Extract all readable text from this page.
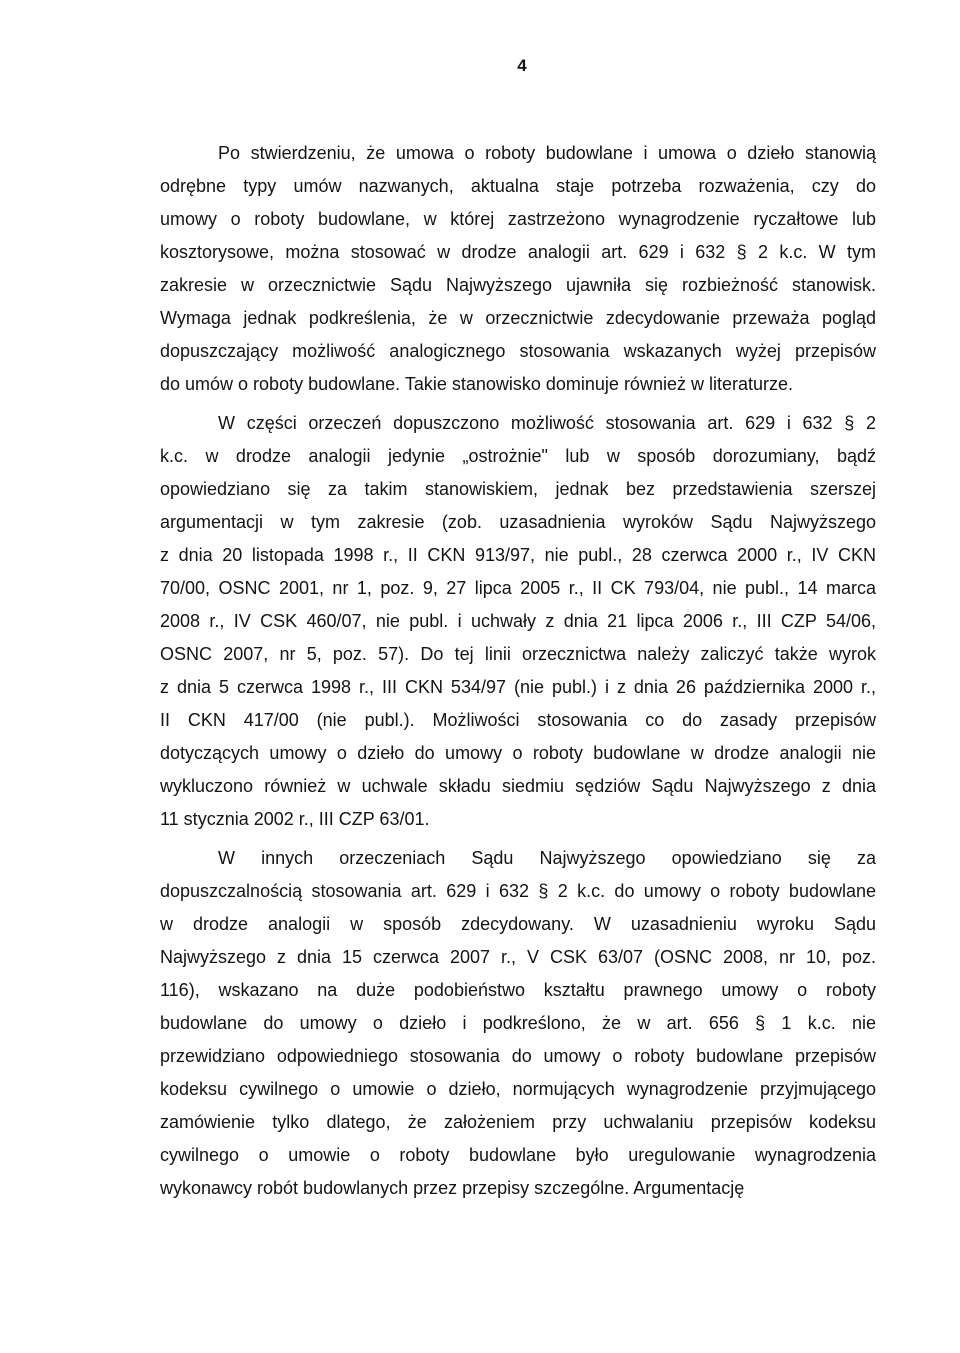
4
Po stwierdzeniu, że umowa o roboty budowlane i umowa o dzieło stanowią
odrębne typy umów nazwanych, aktualna staje potrzeba rozważenia, czy do
umowy o roboty budowlane, w której zastrzeżono wynagrodzenie ryczałtowe lub
kosztorysowe, można stosować w drodze analogii art. 629 i 632 § 2 k.c. W tym
zakresie w orzecznictwie Sądu Najwyższego ujawniła się rozbieżność stanowisk.
Wymaga jednak podkreślenia, że w orzecznictwie zdecydowanie przeważa pogląd
dopuszczający możliwość analogicznego stosowania wskazanych wyżej przepisów
do umów o roboty budowlane. Takie stanowisko dominuje również w literaturze.
W części orzeczeń dopuszczono możliwość stosowania art. 629 i 632 § 2
k.c. w drodze analogii jedynie „ostrożnie" lub w sposób dorozumiany, bądź
opowiedziano się za takim stanowiskiem, jednak bez przedstawienia szerszej
argumentacji w tym zakresie (zob. uzasadnienia wyroków Sądu Najwyższego
z dnia 20 listopada 1998 r., II CKN 913/97, nie publ., 28 czerwca 2000 r., IV CKN
70/00, OSNC 2001, nr 1, poz. 9, 27 lipca 2005 r., II CK 793/04, nie publ., 14 marca
2008 r., IV CSK 460/07, nie publ. i uchwały z dnia 21 lipca 2006 r., III CZP 54/06,
OSNC 2007, nr 5, poz. 57). Do tej linii orzecznictwa należy zaliczyć także wyrok
z dnia 5 czerwca 1998 r., III CKN 534/97 (nie publ.) i z dnia 26 października 2000 r.,
II CKN 417/00 (nie publ.). Możliwości stosowania co do zasady przepisów
dotyczących umowy o dzieło do umowy o roboty budowlane w drodze analogii nie
wykluczono również w uchwale składu siedmiu sędziów Sądu Najwyższego z dnia
11 stycznia 2002 r., III CZP 63/01.
W innych orzeczeniach Sądu Najwyższego opowiedziano się za
dopuszczalnością stosowania art. 629 i 632 § 2 k.c. do umowy o roboty budowlane
w drodze analogii w sposób zdecydowany. W uzasadnieniu wyroku Sądu
Najwyższego z dnia 15 czerwca 2007 r., V CSK 63/07 (OSNC 2008, nr 10, poz.
116), wskazano na duże podobieństwo kształtu prawnego umowy o roboty
budowlane do umowy o dzieło i podkreślono, że w art. 656 § 1 k.c. nie
przewidziano odpowiedniego stosowania do umowy o roboty budowlane przepisów
kodeksu cywilnego o umowie o dzieło, normujących wynagrodzenie przyjmującego
zamówienie tylko dlatego, że założeniem przy uchwalaniu przepisów kodeksu
cywilnego o umowie o roboty budowlane było uregulowanie wynagrodzenia
wykonawcy robót budowlanych przez przepisy szczególne. Argumentację
